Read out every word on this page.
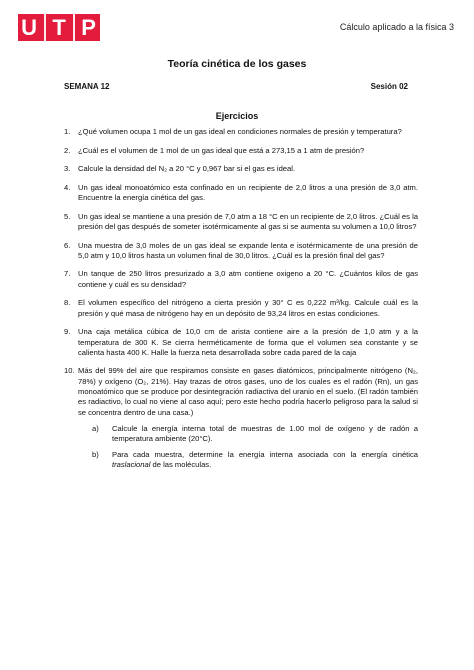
U T P	Cálculo aplicado a la física 3
Teoría cinética de los gases
SEMANA 12	Sesión 02
Ejercicios
1. ¿Qué volumen ocupa 1 mol de un gas ideal en condiciones normales de presión y temperatura?
2. ¿Cuál es el volumen de 1 mol de un gas ideal que está a 273,15 a 1 atm de presión?
3. Calcule la densidad del N₂ a 20 °C y 0,967 bar si el gas es ideal.
4. Un gas ideal monoatómico esta confinado en un recipiente de 2,0 litros a una presión de 3,0 atm. Encuentre la energía cinética del gas.
5. Un gas ideal se mantiene a una presión de 7,0 atm a 18 °C en un recipiente de 2,0 litros. ¿Cuál es la presión del gas después de someter isotérmicamente al gas si se aumenta su volumen a 10,0 litros?
6. Una muestra de 3,0 moles de un gas ideal se expande lenta e isotérmicamente de una presión de 5,0 atm y 10,0 litros hasta un volumen final de 30,0 litros. ¿Cuál es la presión final del gas?
7. Un tanque de 250 litros presurizado a 3,0 atm contiene oxigeno a 20 °C. ¿Cuántos kilos de gas contiene y cuál es su densidad?
8. El volumen específico del nitrógeno a cierta presión y 30° C es 0,222 m³/kg. Calcule cuál es la presión y qué masa de nitrógeno hay en un depósito de 93,24 litros en estas condiciones.
9. Una caja metálica cúbica de 10,0 cm de arista contiene aire a la presión de 1,0 atm y a la temperatura de 300 K. Se cierra herméticamente de forma que el volumen sea constante y se calienta hasta 400 K. Halle la fuerza neta desarrollada sobre cada pared de la caja
10. Más del 99% del aire que respiramos consiste en gases diatómicos, principalmente nitrógeno (N₂, 78%) y oxígeno (O₂, 21%). Hay trazas de otros gases, uno de los cuales es el radón (Rn), un gas monoatómico que se produce por desintegración radiactiva del uranio en el suelo. (El radón también es radiactivo, lo cual no viene al caso aquí; pero este hecho podría hacerlo peligroso para la salud si se concentra dentro de una casa.)
a) Calcule la energía interna total de muestras de 1.00 mol de oxígeno y de radón a temperatura ambiente (20°C).
b) Para cada muestra, determine la energía interna asociada con la energía cinética traslacional de las moléculas.
